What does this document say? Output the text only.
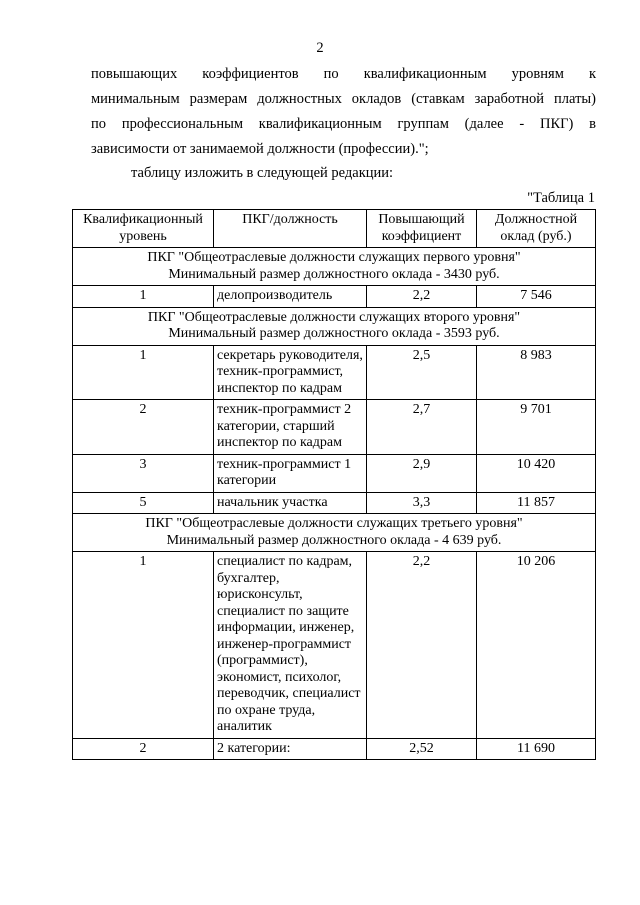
2
повышающих коэффициентов по квалификационным уровням к
минимальным размерам должностных окладов (ставкам заработной платы)
по профессиональным квалификационным группам (далее - ПКГ) в
зависимости от занимаемой должности (профессии).";
таблицу изложить в следующей редакции:
"Таблица 1
Квалификационный уровень	ПКГ/должность	Повышающий коэффициент	Должностной оклад (руб.)

ПКГ "Общеотраслевые должности служащих первого уровня"
Минимальный размер должностного оклада - 3430 руб.			

1	делопроизводитель	2,2	7 546

ПКГ "Общеотраслевые должности служащих второго уровня"
Минимальный размер должностного оклада - 3593 руб.			

1	секретарь руководителя, техник-программист, инспектор по кадрам	2,5	8 983
2	техник-программист 2 категории, старший инспектор по кадрам	2,7	9 701
3	техник-программист 1 категории	2,9	10 420
5	начальник участка	3,3	11 857

ПКГ "Общеотраслевые должности служащих третьего уровня"
Минимальный размер должностного оклада - 4 639 руб.			

1	специалист по кадрам, бухгалтер, юрисконсульт, специалист по защите информации, инженер, инженер-программист (программист), экономист, психолог, переводчик, специалист по охране труда, аналитик	2,2	10 206
2	2 категории:	2,52	11 690
